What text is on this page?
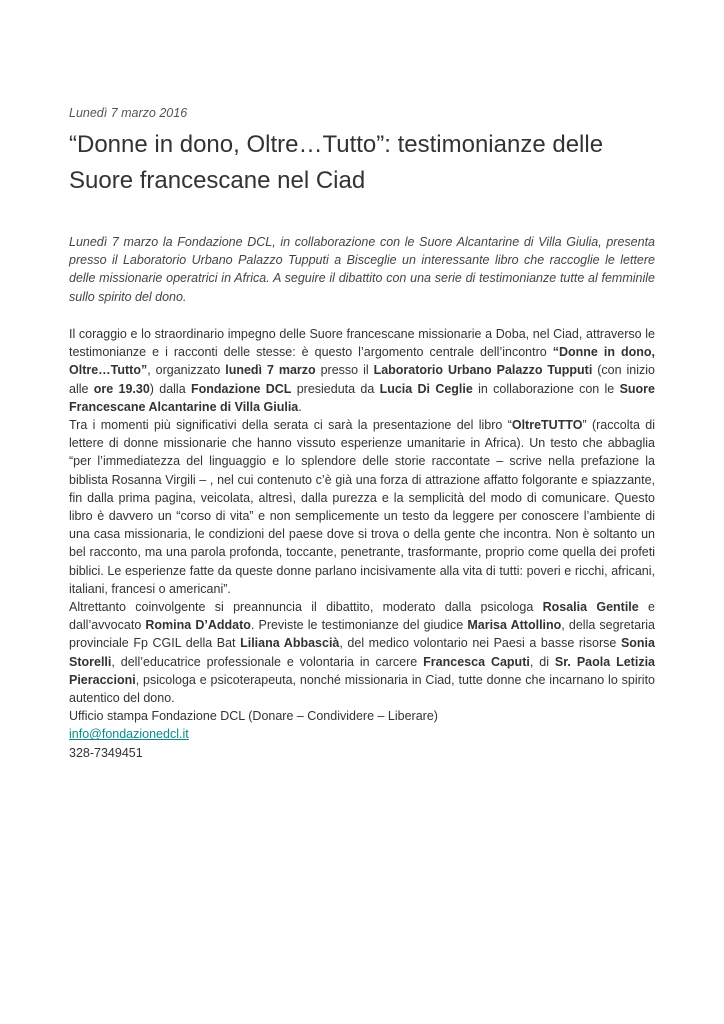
Lunedì 7 marzo 2016

“Donne in dono, Oltre…Tutto”: testimonianze delle Suore francescane nel Ciad

Lunedì 7 marzo la Fondazione DCL, in collaborazione con le Suore Alcantarine di Villa Giulia, presenta presso il Laboratorio Urbano Palazzo Tupputi a Bisceglie un interessante libro che raccoglie le lettere delle missionarie operatrici in Africa. A seguire il dibattito con una serie di testimonianze tutte al femminile sullo spirito del dono.

Il coraggio e lo straordinario impegno delle Suore francescane missionarie a Doba, nel Ciad, attraverso le testimonianze e i racconti delle stesse: è questo l’argomento centrale dell’incontro “Donne in dono, Oltre…Tutto”, organizzato lunedì 7 marzo presso il Laboratorio Urbano Palazzo Tupputi (con inizio alle ore 19.30) dalla Fondazione DCL presieduta da Lucia Di Ceglie in collaborazione con le Suore Francescane Alcantarine di Villa Giulia.

Tra i momenti più significativi della serata ci sarà la presentazione del libro “OltreTUTTO” (raccolta di lettere di donne missionarie che hanno vissuto esperienze umanitarie in Africa). Un testo che abbaglia “per l’immediatezza del linguaggio e lo splendore delle storie raccontate – scrive nella prefazione la biblista Rosanna Virgili – , nel cui contenuto c’è già una forza di attrazione affatto folgorante e spiazzante, fin dalla prima pagina, veicolata, altresì, dalla purezza e la semplicità del modo di comunicare. Questo libro è davvero un “corso di vita” e non semplicemente un testo da leggere per conoscere l’ambiente di una casa missionaria, le condizioni del paese dove si trova o della gente che incontra. Non è soltanto un bel racconto, ma una parola profonda, toccante, penetrante, trasformante, proprio come quella dei profeti biblici. Le esperienze fatte da queste donne parlano incisivamente alla vita di tutti: poveri e ricchi, africani, italiani, francesi o americani”.

Altrettanto coinvolgente si preannuncia il dibattito, moderato dalla psicologa Rosalia Gentile e dall’avvocato Romina D’Addato. Previste le testimonianze del giudice Marisa Attollino, della segretaria provinciale Fp CGIL della Bat Liliana Abbascià, del medico volontario nei Paesi a basse risorse Sonia Storelli, dell’educatrice professionale e volontaria in carcere Francesca Caputi, di Sr. Paola Letizia Pieraccioni, psicologa e psicoterapeuta, nonché missionaria in Ciad, tutte donne che incarnano lo spirito autentico del dono.

Ufficio stampa Fondazione DCL (Donare – Condividere – Liberare)

info@fondazionedcl.it

328-7349451
